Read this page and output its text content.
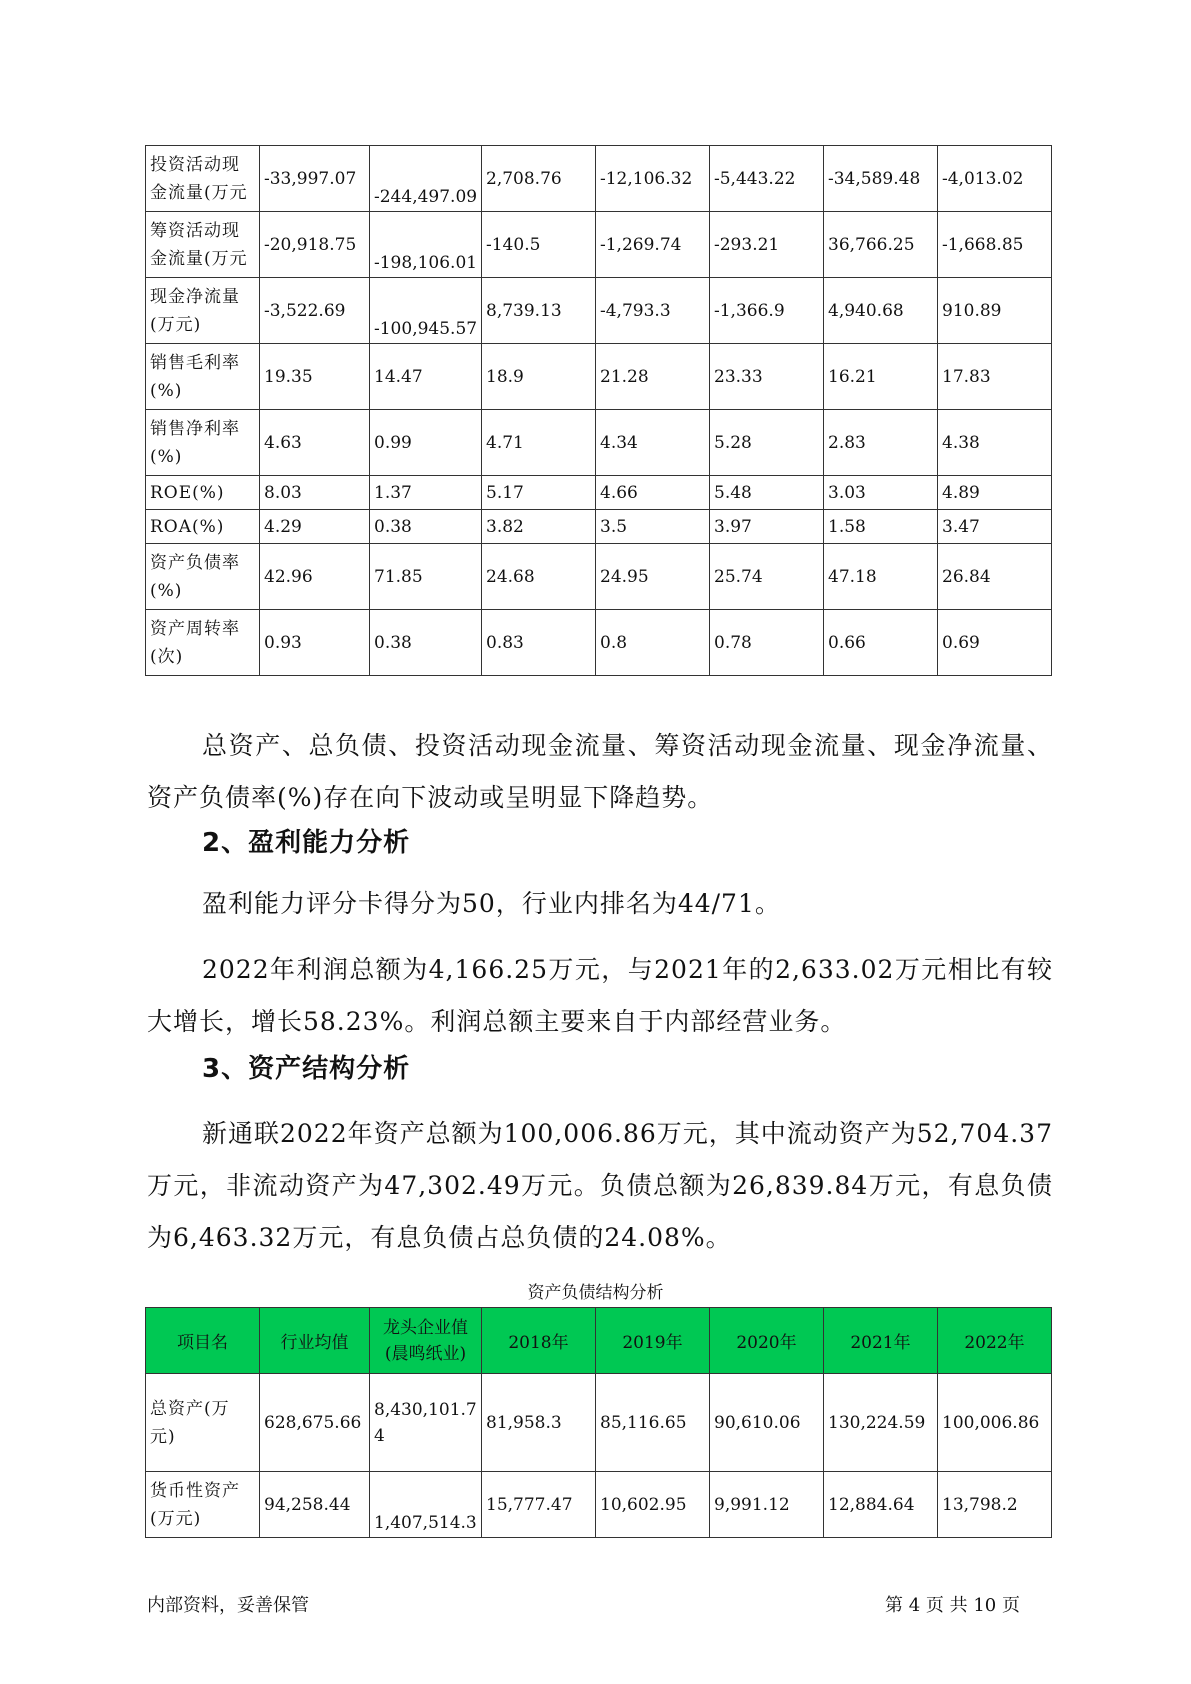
投资活动现金流量(万元	-33,997.07	-244,497.09	2,708.76	-12,106.32	-5,443.22	-34,589.48	-4,013.02
筹资活动现金流量(万元	-20,918.75	-198,106.01	-140.5	-1,269.74	-293.21	36,766.25	-1,668.85
现金净流量(万元)	-3,522.69	-100,945.57	8,739.13	-4,793.3	-1,366.9	4,940.68	910.89
销售毛利率(%)	19.35	14.47	18.9	21.28	23.33	16.21	17.83
销售净利率(%)	4.63	0.99	4.71	4.34	5.28	2.83	4.38
ROE(%)	8.03	1.37	5.17	4.66	5.48	3.03	4.89
ROA(%)	4.29	0.38	3.82	3.5	3.97	1.58	3.47
资产负债率(%)	42.96	71.85	24.68	24.95	25.74	47.18	26.84
资产周转率(次)	0.93	0.38	0.83	0.8	0.78	0.66	0.69

总资产、总负债、投资活动现金流量、筹资活动现金流量、现金净流量、资产负债率(%)存在向下波动或呈明显下降趋势。

2、盈利能力分析

盈利能力评分卡得分为50，行业内排名为44/71。

2022年利润总额为4,166.25万元，与2021年的2,633.02万元相比有较大增长，增长58.23%。利润总额主要来自于内部经营业务。

3、资产结构分析

新通联2022年资产总额为100,006.86万元，其中流动资产为52,704.37万元，非流动资产为47,302.49万元。负债总额为26,839.84万元，有息负债为6,463.32万元，有息负债占总负债的24.08%。

资产负债结构分析
项目名	行业均值	龙头企业值(晨鸣纸业)	2018年	2019年	2020年	2021年	2022年
总资产(万元)	628,675.66	8,430,101.74	81,958.3	85,116.65	90,610.06	130,224.59	100,006.86
货币性资产(万元)	94,258.44	1,407,514.3	15,777.47	10,602.95	9,991.12	12,884.64	13,798.2
内部资料，妥善保管	第 4 页 共 10 页
